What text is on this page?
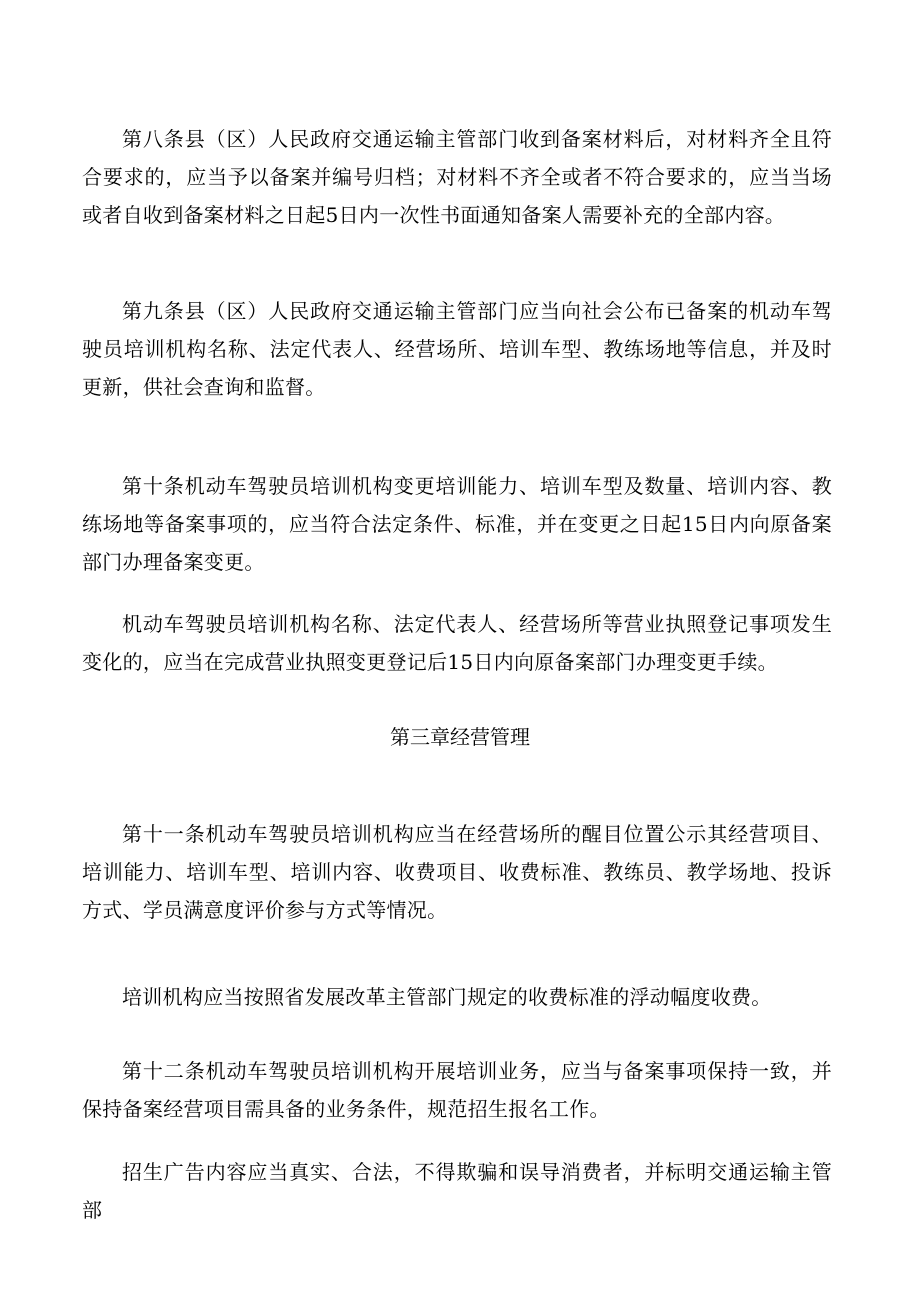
第八条县（区）人民政府交通运输主管部门收到备案材料后，对材料齐全且符合要求的，应当予以备案并编号归档；对材料不齐全或者不符合要求的，应当当场或者自收到备案材料之日起5日内一次性书面通知备案人需要补充的全部内容。

第九条县（区）人民政府交通运输主管部门应当向社会公布已备案的机动车驾驶员培训机构名称、法定代表人、经营场所、培训车型、教练场地等信息，并及时更新，供社会查询和监督。

第十条机动车驾驶员培训机构变更培训能力、培训车型及数量、培训内容、教练场地等备案事项的，应当符合法定条件、标准，并在变更之日起15日内向原备案部门办理备案变更。

机动车驾驶员培训机构名称、法定代表人、经营场所等营业执照登记事项发生变化的，应当在完成营业执照变更登记后15日内向原备案部门办理变更手续。

第三章经营管理

第十一条机动车驾驶员培训机构应当在经营场所的醒目位置公示其经营项目、培训能力、培训车型、培训内容、收费项目、收费标准、教练员、教学场地、投诉方式、学员满意度评价参与方式等情况。

培训机构应当按照省发展改革主管部门规定的收费标准的浮动幅度收费。

第十二条机动车驾驶员培训机构开展培训业务，应当与备案事项保持一致，并保持备案经营项目需具备的业务条件，规范招生报名工作。

招生广告内容应当真实、合法，不得欺骗和误导消费者，并标明交通运输主管部
